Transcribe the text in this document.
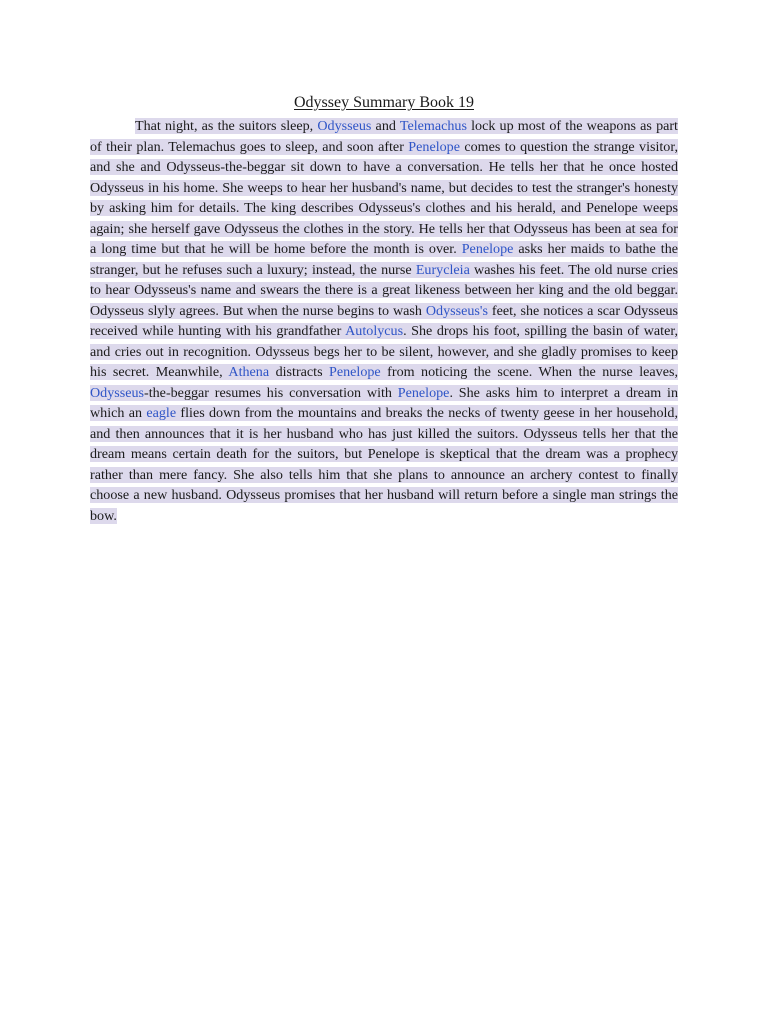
Odyssey Summary Book 19

That night, as the suitors sleep, Odysseus and Telemachus lock up most of the weapons as part of their plan. Telemachus goes to sleep, and soon after Penelope comes to question the strange visitor, and she and Odysseus-the-beggar sit down to have a conversation. He tells her that he once hosted Odysseus in his home. She weeps to hear her husband's name, but decides to test the stranger's honesty by asking him for details. The king describes Odysseus's clothes and his herald, and Penelope weeps again; she herself gave Odysseus the clothes in the story. He tells her that Odysseus has been at sea for a long time but that he will be home before the month is over. Penelope asks her maids to bathe the stranger, but he refuses such a luxury; instead, the nurse Eurycleia washes his feet. The old nurse cries to hear Odysseus's name and swears the there is a great likeness between her king and the old beggar. Odysseus slyly agrees. But when the nurse begins to wash Odysseus's feet, she notices a scar Odysseus received while hunting with his grandfather Autolycus. She drops his foot, spilling the basin of water, and cries out in recognition. Odysseus begs her to be silent, however, and she gladly promises to keep his secret. Meanwhile, Athena distracts Penelope from noticing the scene. When the nurse leaves, Odysseus-the-beggar resumes his conversation with Penelope. She asks him to interpret a dream in which an eagle flies down from the mountains and breaks the necks of twenty geese in her household, and then announces that it is her husband who has just killed the suitors. Odysseus tells her that the dream means certain death for the suitors, but Penelope is skeptical that the dream was a prophecy rather than mere fancy. She also tells him that she plans to announce an archery contest to finally choose a new husband. Odysseus promises that her husband will return before a single man strings the bow.
